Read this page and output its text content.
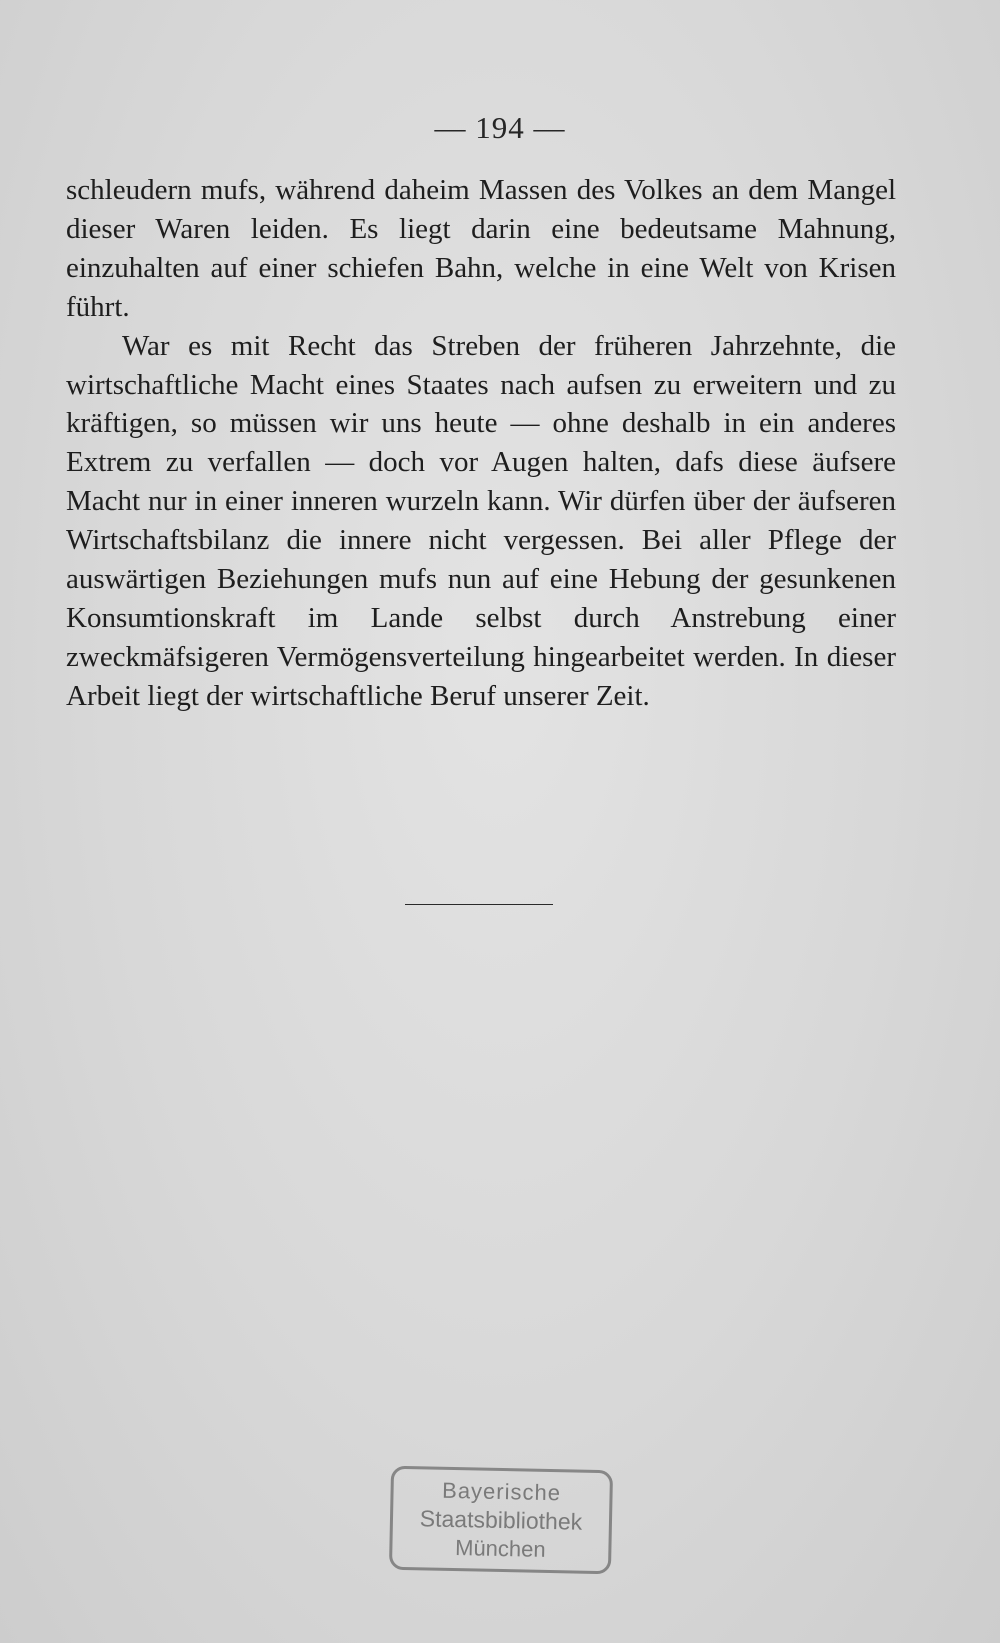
— 194 —

schleudern mufs, während daheim Massen des Volkes an dem Mangel dieser Waren leiden. Es liegt darin eine bedeutsame Mahnung, einzuhalten auf einer schiefen Bahn, welche in eine Welt von Krisen führt.

War es mit Recht das Streben der früheren Jahrzehnte, die wirtschaftliche Macht eines Staates nach aufsen zu erweitern und zu kräftigen, so müssen wir uns heute — ohne deshalb in ein anderes Extrem zu verfallen — doch vor Augen halten, dafs diese äufsere Macht nur in einer inneren wurzeln kann. Wir dürfen über der äufseren Wirtschaftsbilanz die innere nicht vergessen. Bei aller Pflege der auswärtigen Beziehungen mufs nun auf eine Hebung der gesunkenen Konsumtionskraft im Lande selbst durch Anstrebung einer zweckmäfsigeren Vermögensverteilung hingearbeitet werden. In dieser Arbeit liegt der wirtschaftliche Beruf unserer Zeit.

Bayerische
Staatsbibliothek
München
